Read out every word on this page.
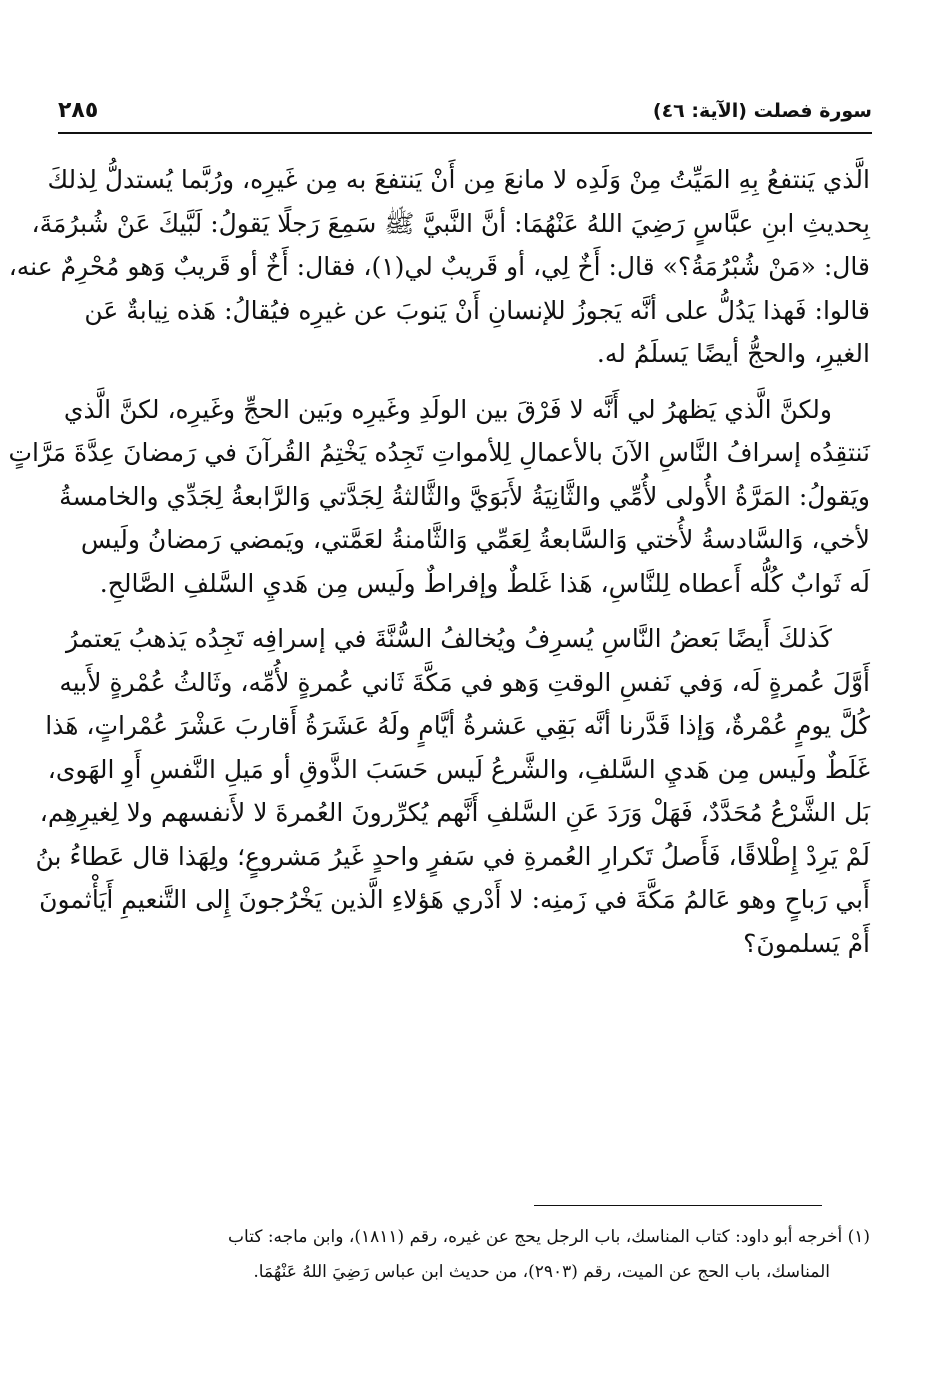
سورة فصلت (الآية: ٤٦)
٢٨٥
الَّذي يَنتفعُ بِهِ المَيِّتُ مِنْ وَلَدِه لا مانعَ مِن أَنْ يَنتفعَ به مِن غَيرِه، ورُبَّما يُستدلُّ لِذلكَ
بِحديثِ ابنِ عبَّاسٍ رَضِيَ اللهُ عَنْهُمَا: أنَّ النَّبيَّ ﷺ سَمِعَ رَجلًا يَقولُ: لَبَّيكَ عَنْ شُبرُمَةَ،
قال: «مَنْ شُبْرُمَةُ؟» قال: أَخٌ لِي، أو قَريبٌ لي(١)، فقال: أَخٌ أو قَريبٌ وَهو مُحْرِمٌ عنه،
قالوا: فَهذا يَدُلُّ على أنَّه يَجوزُ للإنسانِ أَنْ يَنوبَ عن غيرِه فيُقالُ: هَذه نِيابةٌ عَن
الغيرِ، والحجُّ أيضًا يَسلَمُ له.
ولكنَّ الَّذي يَظهرُ لي أَنَّه لا فَرْقَ بين الولَدِ وغَيرِه وبَين الحجِّ وغَيرِه، لكنَّ الَّذي
نَنتقِدُه إسرافُ النَّاسِ الآنَ بالأعمالِ لِلأمواتِ تَجِدُه يَخْتِمُ القُرآنَ في رَمضانَ عِدَّةَ مَرَّاتٍ
ويَقولُ: المَرَّةُ الأُولى لأُمِّي والثَّانِيَةُ لأَبَوَيَّ والثَّالثةُ لِجَدَّتي وَالرَّابعةُ لِجَدِّي والخامسةُ
لأخي، وَالسَّادسةُ لأُختي وَالسَّابعةُ لِعَمِّي وَالثَّامنةُ لعَمَّتي، ويَمضي رَمضانُ ولَيس
لَه ثَوابٌ كُلُّه أَعطاه لِلنَّاسِ، هَذا غَلطٌ وإفراطٌ ولَيس مِن هَديِ السَّلفِ الصَّالحِ.
كَذلكَ أَيضًا بَعضُ النَّاسِ يُسرِفُ ويُخالفُ السُّنَّةَ في إسرافِه تَجِدُه يَذهبُ يَعتمرُ
أَوَّلَ عُمرةٍ لَه، وَفي نَفسِ الوقتِ وَهو في مَكَّةَ ثَاني عُمرةٍ لأُمِّه، وثَالثُ عُمْرةٍ لأَبيه
كُلَّ يومٍ عُمْرةٌ، وَإذا قَدَّرنا أنَّه بَقِي عَشرةُ أيَّامٍ ولَهُ عَشَرَةُ أَقاربَ عَشْرَ عُمْراتٍ، هَذا
غَلَطٌ ولَيس مِن هَديِ السَّلفِ، والشَّرعُ لَيس حَسَبَ الذَّوقِ أو مَيلِ النَّفسِ أَوِ الهَوى،
بَل الشَّرْعُ مُحَدَّدٌ، فَهَلْ وَرَدَ عَنِ السَّلفِ أَنَّهم يُكرِّرونَ العُمرةَ لا لأَنفسهم ولا لِغيرِهِم،
لَمْ يَرِدْ إِطْلاقًا، فَأَصلُ تَكرارِ العُمرةِ في سَفرٍ واحدٍ غَيرُ مَشروعٍ؛ ولِهَذا قال عَطاءُ بنُ
أَبي رَباحٍ وهو عَالمُ مَكَّةَ في زَمنِه: لا أَدْري هَؤلاءِ الَّذين يَخْرُجونَ إِلى التَّنعيمِ أَيَأْثمونَ
أَمْ يَسلمونَ؟
(١) أخرجه أبو داود: كتاب المناسك، باب الرجل يحج عن غيره، رقم (١٨١١)، وابن ماجه: كتاب
المناسك، باب الحج عن الميت، رقم (٢٩٠٣)، من حديث ابن عباس رَضِيَ اللهُ عَنْهُمَا.
